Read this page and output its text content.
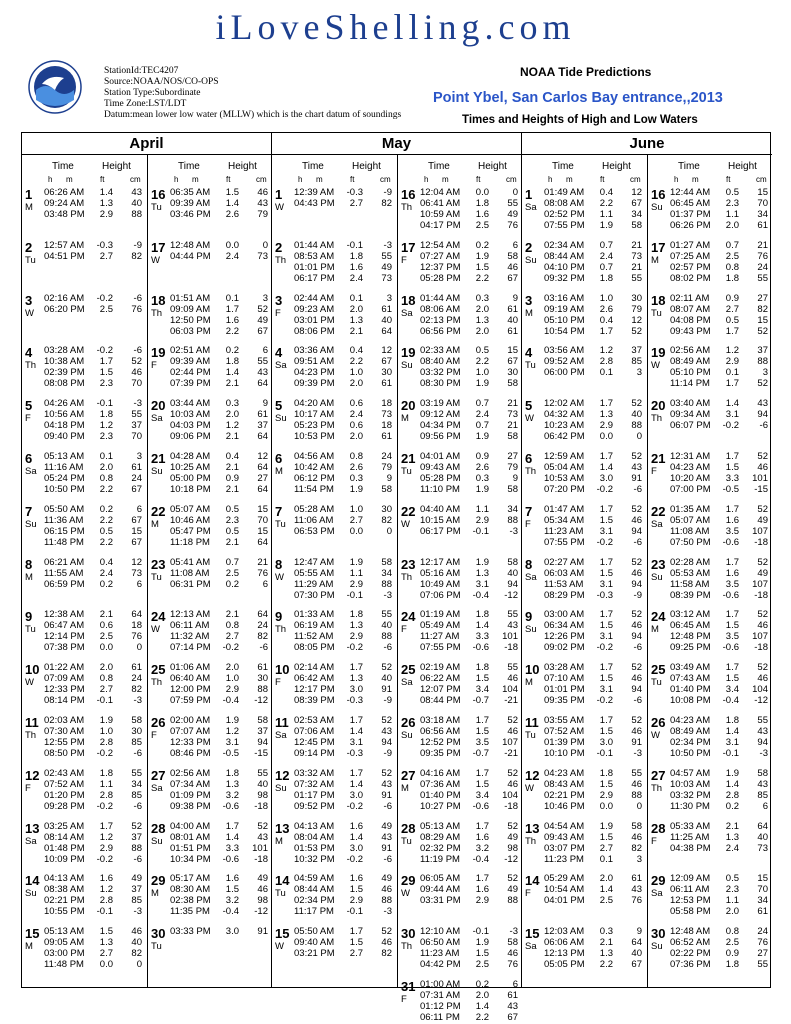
iLoveShelling.com
StationId:TEC4207
Source:NOAA/NOS/CO-OPS
Station Type:Subordinate
Time Zone:LST/LDT
Datum:mean lower low water (MLLW) which is the chart datum of soundings
NOAA Tide Predictions
Point Ybel, San Carlos Bay entrance,,2013
Times and Heights of High and Low Waters
April
Time	Height
h m	ft	cm
1
M
06:26 AM	1.4	43
09:24 AM	1.3	40
03:48 PM	2.9	88
2
Tu
12:57 AM	-0.3	-9
04:51 PM	2.7	82
3
W
02:16 AM	-0.2	-6
06:20 PM	2.5	76
4
Th
03:28 AM	-0.2	-6
10:38 AM	1.7	52
02:39 PM	1.5	46
08:08 PM	2.3	70
5
F
04:26 AM	-0.1	-3
10:56 AM	1.8	55
04:18 PM	1.2	37
09:40 PM	2.3	70
6
Sa
05:13 AM	0.1	3
11:16 AM	2.0	61
05:24 PM	0.8	24
10:50 PM	2.2	67
7
Su
05:50 AM	0.2	6
11:36 AM	2.2	67
06:15 PM	0.5	15
11:48 PM	2.2	67
8
M
06:21 AM	0.4	12
11:55 AM	2.4	73
06:59 PM	0.2	6
9
Tu
12:38 AM	2.1	64
06:47 AM	0.6	18
12:14 PM	2.5	76
07:38 PM	0.0	0
10
W
01:22 AM	2.0	61
07:09 AM	0.8	24
12:33 PM	2.7	82
08:14 PM	-0.1	-3
11
Th
02:03 AM	1.9	58
07:30 AM	1.0	30
12:55 PM	2.8	85
08:50 PM	-0.2	-6
12
F
02:43 AM	1.8	55
07:52 AM	1.1	34
01:20 PM	2.8	85
09:28 PM	-0.2	-6
13
Sa
03:25 AM	1.7	52
08:14 AM	1.2	37
01:48 PM	2.9	88
10:09 PM	-0.2	-6
14
Su
04:13 AM	1.6	49
08:38 AM	1.2	37
02:21 PM	2.8	85
10:55 PM	-0.1	-3
15
M
05:13 AM	1.5	46
09:05 AM	1.3	40
03:00 PM	2.7	82
11:48 PM	0.0	0
Time	Height
h m	ft	cm
16
Tu
06:35 AM	1.5	46
09:39 AM	1.4	43
03:46 PM	2.6	79
17
W
12:48 AM	0.0	0
04:44 PM	2.4	73
18
Th
01:51 AM	0.1	3
09:09 AM	1.7	52
12:50 PM	1.6	49
06:03 PM	2.2	67
19
F
02:51 AM	0.2	6
09:39 AM	1.8	55
02:44 PM	1.4	43
07:39 PM	2.1	64
20
Sa
03:44 AM	0.3	9
10:03 AM	2.0	61
04:03 PM	1.2	37
09:06 PM	2.1	64
21
Su
04:28 AM	0.4	12
10:25 AM	2.1	64
05:00 PM	0.9	27
10:18 PM	2.1	64
22
M
05:07 AM	0.5	15
10:46 AM	2.3	70
05:47 PM	0.5	15
11:18 PM	2.1	64
23
Tu
05:41 AM	0.7	21
11:08 AM	2.5	76
06:31 PM	0.2	6
24
W
12:13 AM	2.1	64
06:11 AM	0.8	24
11:32 AM	2.7	82
07:14 PM	-0.2	-6
25
Th
01:06 AM	2.0	61
06:40 AM	1.0	30
12:00 PM	2.9	88
07:59 PM	-0.4	-12
26
F
02:00 AM	1.9	58
07:07 AM	1.2	37
12:33 PM	3.1	94
08:46 PM	-0.5	-15
27
Sa
02:56 AM	1.8	55
07:34 AM	1.3	40
01:09 PM	3.2	98
09:38 PM	-0.6	-18
28
Su
04:00 AM	1.7	52
08:01 AM	1.4	43
01:51 PM	3.3	101
10:34 PM	-0.6	-18
29
M
05:17 AM	1.6	49
08:30 AM	1.5	46
02:38 PM	3.2	98
11:35 PM	-0.4	-12
30
Tu
03:33 PM	3.0	91
May
Time	Height
h m	ft	cm
1
W
12:39 AM	-0.3	-9
04:43 PM	2.7	82
2
Th
01:44 AM	-0.1	-3
08:53 AM	1.8	55
01:01 PM	1.6	49
06:17 PM	2.4	73
3
F
02:44 AM	0.1	3
09:23 AM	2.0	61
03:01 PM	1.3	40
08:06 PM	2.1	64
4
Sa
03:36 AM	0.4	12
09:51 AM	2.2	67
04:23 PM	1.0	30
09:39 PM	2.0	61
5
Su
04:20 AM	0.6	18
10:17 AM	2.4	73
05:23 PM	0.6	18
10:53 PM	2.0	61
6
M
04:56 AM	0.8	24
10:42 AM	2.6	79
06:12 PM	0.3	9
11:54 PM	1.9	58
7
Tu
05:28 AM	1.0	30
11:06 AM	2.7	82
06:53 PM	0.0	0
8
W
12:47 AM	1.9	58
05:55 AM	1.1	34
11:29 AM	2.9	88
07:30 PM	-0.1	-3
9
Th
01:33 AM	1.8	55
06:19 AM	1.3	40
11:52 AM	2.9	88
08:05 PM	-0.2	-6
10
F
02:14 AM	1.7	52
06:42 AM	1.3	40
12:17 PM	3.0	91
08:39 PM	-0.3	-9
11
Sa
02:53 AM	1.7	52
07:06 AM	1.4	43
12:45 PM	3.1	94
09:14 PM	-0.3	-9
12
Su
03:32 AM	1.7	52
07:32 AM	1.4	43
01:17 PM	3.0	91
09:52 PM	-0.2	-6
13
M
04:13 AM	1.6	49
08:04 AM	1.4	43
01:53 PM	3.0	91
10:32 PM	-0.2	-6
14
Tu
04:59 AM	1.6	49
08:44 AM	1.5	46
02:34 PM	2.9	88
11:17 PM	-0.1	-3
15
W
05:50 AM	1.7	52
09:40 AM	1.5	46
03:21 PM	2.7	82
Time	Height
h m	ft	cm
16
Th
12:04 AM	0.0	0
06:41 AM	1.8	55
10:59 AM	1.6	49
04:17 PM	2.5	76
17
F
12:54 AM	0.2	6
07:27 AM	1.9	58
12:37 PM	1.5	46
05:28 PM	2.2	67
18
Sa
01:44 AM	0.3	9
08:06 AM	2.0	61
02:13 PM	1.3	40
06:56 PM	2.0	61
19
Su
02:33 AM	0.5	15
08:40 AM	2.2	67
03:32 PM	1.0	30
08:30 PM	1.9	58
20
M
03:19 AM	0.7	21
09:12 AM	2.4	73
04:34 PM	0.7	21
09:56 PM	1.9	58
21
Tu
04:01 AM	0.9	27
09:43 AM	2.6	79
05:28 PM	0.3	9
11:10 PM	1.9	58
22
W
04:40 AM	1.1	34
10:15 AM	2.9	88
06:17 PM	-0.1	-3
23
Th
12:17 AM	1.9	58
05:16 AM	1.3	40
10:49 AM	3.1	94
07:06 PM	-0.4	-12
24
F
01:19 AM	1.8	55
05:49 AM	1.4	43
11:27 AM	3.3	101
07:55 PM	-0.6	-18
25
Sa
02:19 AM	1.8	55
06:22 AM	1.5	46
12:07 PM	3.4	104
08:44 PM	-0.7	-21
26
Su
03:18 AM	1.7	52
06:56 AM	1.5	46
12:52 PM	3.5	107
09:35 PM	-0.7	-21
27
M
04:16 AM	1.7	52
07:36 AM	1.5	46
01:40 PM	3.4	104
10:27 PM	-0.6	-18
28
Tu
05:13 AM	1.7	52
08:29 AM	1.6	49
02:32 PM	3.2	98
11:19 PM	-0.4	-12
29
W
06:05 AM	1.7	52
09:44 AM	1.6	49
03:31 PM	2.9	88
30
Th
12:10 AM	-0.1	-3
06:50 AM	1.9	58
11:23 AM	1.5	46
04:42 PM	2.5	76
31
F
01:00 AM	0.2	6
07:31 AM	2.0	61
01:12 PM	1.4	43
06:11 PM	2.2	67
June
Time	Height
h m	ft	cm
1
Sa
01:49 AM	0.4	12
08:08 AM	2.2	67
02:52 PM	1.1	34
07:55 PM	1.9	58
2
Su
02:34 AM	0.7	21
08:44 AM	2.4	73
04:10 PM	0.7	21
09:32 PM	1.8	55
3
M
03:16 AM	1.0	30
09:19 AM	2.6	79
05:10 PM	0.4	12
10:54 PM	1.7	52
4
Tu
03:56 AM	1.2	37
09:52 AM	2.8	85
06:00 PM	0.1	3
5
W
12:02 AM	1.7	52
04:32 AM	1.3	40
10:23 AM	2.9	88
06:42 PM	0.0	0
6
Th
12:59 AM	1.7	52
05:04 AM	1.4	43
10:53 AM	3.0	91
07:20 PM	-0.2	-6
7
F
01:47 AM	1.7	52
05:34 AM	1.5	46
11:23 AM	3.1	94
07:55 PM	-0.2	-6
8
Sa
02:27 AM	1.7	52
06:03 AM	1.5	46
11:53 AM	3.1	94
08:29 PM	-0.3	-9
9
Su
03:00 AM	1.7	52
06:34 AM	1.5	46
12:26 PM	3.1	94
09:02 PM	-0.2	-6
10
M
03:28 AM	1.7	52
07:10 AM	1.5	46
01:01 PM	3.1	94
09:35 PM	-0.2	-6
11
Tu
03:55 AM	1.7	52
07:52 AM	1.5	46
01:39 PM	3.0	91
10:10 PM	-0.1	-3
12
W
04:23 AM	1.8	55
08:43 AM	1.5	46
02:21 PM	2.9	88
10:46 PM	0.0	0
13
Th
04:54 AM	1.9	58
09:43 AM	1.5	46
03:07 PM	2.7	82
11:23 PM	0.1	3
14
F
05:29 AM	2.0	61
10:54 AM	1.4	43
04:01 PM	2.5	76
15
Sa
12:03 AM	0.3	9
06:06 AM	2.1	64
12:13 PM	1.3	40
05:05 PM	2.2	67
Time	Height
h m	ft	cm
16
Su
12:44 AM	0.5	15
06:45 AM	2.3	70
01:37 PM	1.1	34
06:26 PM	2.0	61
17
M
01:27 AM	0.7	21
07:25 AM	2.5	76
02:57 PM	0.8	24
08:02 PM	1.8	55
18
Tu
02:11 AM	0.9	27
08:07 AM	2.7	82
04:08 PM	0.5	15
09:43 PM	1.7	52
19
W
02:56 AM	1.2	37
08:49 AM	2.9	88
05:10 PM	0.1	3
11:14 PM	1.7	52
20
Th
03:40 AM	1.4	43
09:34 AM	3.1	94
06:07 PM	-0.2	-6
21
F
12:31 AM	1.7	52
04:23 AM	1.5	46
10:20 AM	3.3	101
07:00 PM	-0.5	-15
22
Sa
01:35 AM	1.7	52
05:07 AM	1.6	49
11:08 AM	3.5	107
07:50 PM	-0.6	-18
23
Su
02:28 AM	1.7	52
05:53 AM	1.6	49
11:58 AM	3.5	107
08:39 PM	-0.6	-18
24
M
03:12 AM	1.7	52
06:45 AM	1.5	46
12:48 PM	3.5	107
09:25 PM	-0.6	-18
25
Tu
03:49 AM	1.7	52
07:43 AM	1.5	46
01:40 PM	3.4	104
10:08 PM	-0.4	-12
26
W
04:23 AM	1.8	55
08:49 AM	1.4	43
02:34 PM	3.1	94
10:50 PM	-0.1	-3
27
Th
04:57 AM	1.9	58
10:03 AM	1.4	43
03:32 PM	2.8	85
11:30 PM	0.2	6
28
F
05:33 AM	2.1	64
11:25 AM	1.3	40
04:38 PM	2.4	73
29
Sa
12:09 AM	0.5	15
06:11 AM	2.3	70
12:53 PM	1.1	34
05:58 PM	2.0	61
30
Su
12:48 AM	0.8	24
06:52 AM	2.5	76
02:22 PM	0.9	27
07:36 PM	1.8	55
